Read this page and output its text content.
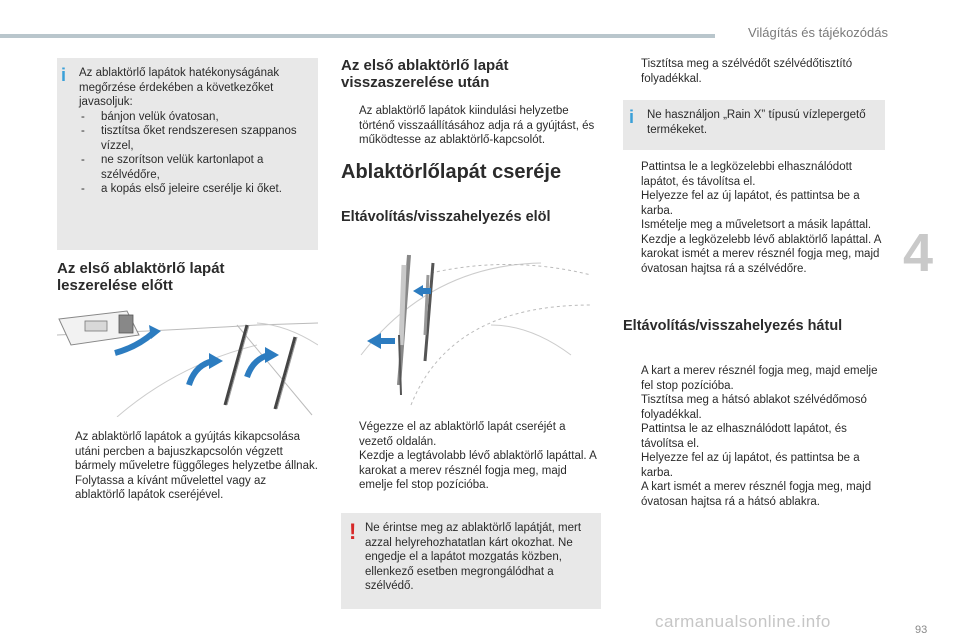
Világítás és tájékozódás
4
i Az ablaktörlő lapátok hatékonyságának megőrzése érdekében a következőket javasoljuk:
- bánjon velük óvatosan,
- tisztítsa őket rendszeresen szappanos vízzel,
- ne szorítson velük kartonlapot a szélvédőre,
- a kopás első jeleire cserélje ki őket.
Az első ablaktörlő lapát leszerelése előtt
Az ablaktörlő lapátok a gyújtás kikapcsolása utáni percben a bajuszkapcsolón végzett bármely műveletre függőleges helyzetbe állnak.
Folytassa a kívánt művelettel vagy az ablaktörlő lapátok cseréjével.
Az első ablaktörlő lapát visszaszerelése után
Az ablaktörlő lapátok kiindulási helyzetbe történő visszaállításához adja rá a gyújtást, és működtesse az ablaktörlő-kapcsolót.
Ablaktörlőlapát cseréje
Eltávolítás/visszahelyezés elöl
Végezze el az ablaktörlő lapát cseréjét a vezető oldalán.
Kezdje a legtávolabb lévő ablaktörlő lapáttal. A karokat a merev résznél fogja meg, majd emelje fel stop pozícióba.
! Ne érintse meg az ablaktörlő lapátját, mert azzal helyrehozhatatlan kárt okozhat. Ne engedje el a lapátot mozgatás közben, ellenkező esetben megrongálódhat a szélvédő.
Tisztítsa meg a szélvédőt szélvédőtisztító folyadékkal.
i Ne használjon „Rain X” típusú vízlepergető termékeket.
Pattintsa le a legközelebbi elhasználódott lapátot, és távolítsa el.
Helyezze fel az új lapátot, és pattintsa be a karba.
Ismételje meg a műveletsort a másik lapáttal.
Kezdje a legközelebb lévő ablaktörlő lapáttal. A karokat ismét a merev résznél fogja meg, majd óvatosan hajtsa rá a szélvédőre.
Eltávolítás/visszahelyezés hátul
A kart a merev résznél fogja meg, majd emelje fel stop pozícióba.
Tisztítsa meg a hátsó ablakot szélvédőmosó folyadékkal.
Pattintsa le az elhasználódott lapátot, és távolítsa el.
Helyezze fel az új lapátot, és pattintsa be a karba.
A kart ismét a merev résznél fogja meg, majd óvatosan hajtsa rá a hátsó ablakra.
carmanualsonline.info	93
